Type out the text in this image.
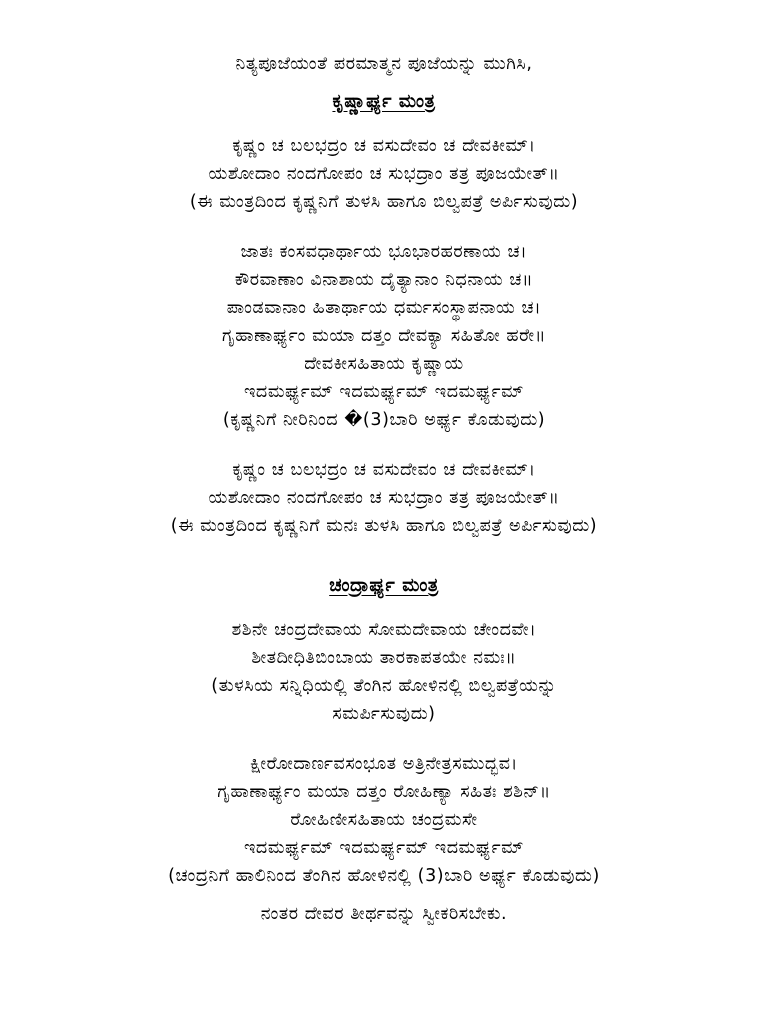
ನಿತ್ಯಪೂಜೆಯಂತೆ ಪರಮಾತ್ಮನ ಪೂಜೆಯನ್ನು ಮುಗಿಸಿ,
ಕೃಷ್ಣಾರ್ಘ್ಯ ಮಂತ್ರ
ಕೃಷ್ಣಂ ಚ ಬಲಭದ್ರಂ ಚ ವಸುದೇವಂ ಚ ದೇವಕೀಮ್।
ಯಶೋದಾಂ ನಂದಗೋಪಂ ಚ ಸುಭದ್ರಾಂ ತತ್ರ ಪೂಜಯೇತ್॥
(ಈ ಮಂತ್ರದಿಂದ ಕೃಷ್ಣನಿಗೆ ತುಳಸಿ ಹಾಗೂ ಬಿಲ್ವಪತ್ರೆ ಅರ್ಪಿಸುವುದು)
ಜಾತಃ ಕಂಸವಧಾರ್ಥಾಯ ಭೂಭಾರಹರಣಾಯ ಚ।
ಕೌರವಾಣಾಂ ವಿನಾಶಾಯ ದೈತ್ಯಾನಾಂ ನಿಧನಾಯ ಚ॥
ಪಾಂಡವಾನಾಂ ಹಿತಾರ್ಥಾಯ ಧರ್ಮಸಂಸ್ಥಾಪನಾಯ ಚ।
ಗೃಹಾಣಾರ್ಘ್ಯಂ ಮಯಾ ದತ್ತಂ ದೇವಕ್ಯಾ ಸಹಿತೋ ಹರೇ॥
ದೇವಕೀಸಹಿತಾಯ ಕೃಷ್ಣಾಯ
ಇದಮರ್ಘ್ಯಮ್ ಇದಮರ್ಘ್ಯಮ್ ಇದಮರ್ಘ್ಯಮ್
(ಕೃಷ್ಣನಿಗೆ ನೀರಿನಿಂದ �(3)ಬಾರಿ ಅರ್ಘ್ಯ ಕೊಡುವುದು)
ಕೃಷ್ಣಂ ಚ ಬಲಭದ್ರಂ ಚ ವಸುದೇವಂ ಚ ದೇವಕೀಮ್।
ಯಶೋದಾಂ ನಂದಗೋಪಂ ಚ ಸುಭದ್ರಾಂ ತತ್ರ ಪೂಜಯೇತ್॥
(ಈ ಮಂತ್ರದಿಂದ ಕೃಷ್ಣನಿಗೆ ಮನಃ ತುಳಸಿ ಹಾಗೂ ಬಿಲ್ವಪತ್ರೆ ಅರ್ಪಿಸುವುದು)
ಚಂದ್ರಾರ್ಘ್ಯ ಮಂತ್ರ
ಶಶಿನೇ ಚಂದ್ರದೇವಾಯ ಸೋಮದೇವಾಯ ಚೇಂದವೇ।
ಶೀತದೀಧಿತಿಬಿಂಬಾಯ ತಾರಕಾಪತಯೇ ನಮಃ॥
(ತುಳಸಿಯ ಸನ್ನಿಧಿಯಲ್ಲಿ ತೆಂಗಿನ ಹೋಳಿನಲ್ಲಿ ಬಿಲ್ವಪತ್ರೆಯನ್ನು
ಸಮರ್ಪಿಸುವುದು)
ಕ್ಷೀರೋದಾರ್ಣವಸಂಭೂತ ಅತ್ರಿನೇತ್ರಸಮುದ್ಭವ।
ಗೃಹಾಣಾರ್ಘ್ಯಂ ಮಯಾ ದತ್ತಂ ರೋಹಿಣ್ಯಾ ಸಹಿತಃ ಶಶಿನ್॥
ರೋಹಿಣೀಸಹಿತಾಯ ಚಂದ್ರಮಸೇ
ಇದಮರ್ಘ್ಯಮ್ ಇದಮರ್ಘ್ಯಮ್ ಇದಮರ್ಘ್ಯಮ್
(ಚಂದ್ರನಿಗೆ ಹಾಲಿನಿಂದ ತೆಂಗಿನ ಹೋಳಿನಲ್ಲಿ (3)ಬಾರಿ ಅರ್ಘ್ಯ ಕೊಡುವುದು)
ನಂತರ ದೇವರ ತೀರ್ಥವನ್ನು ಸ್ವೀಕರಿಸಬೇಕು.
